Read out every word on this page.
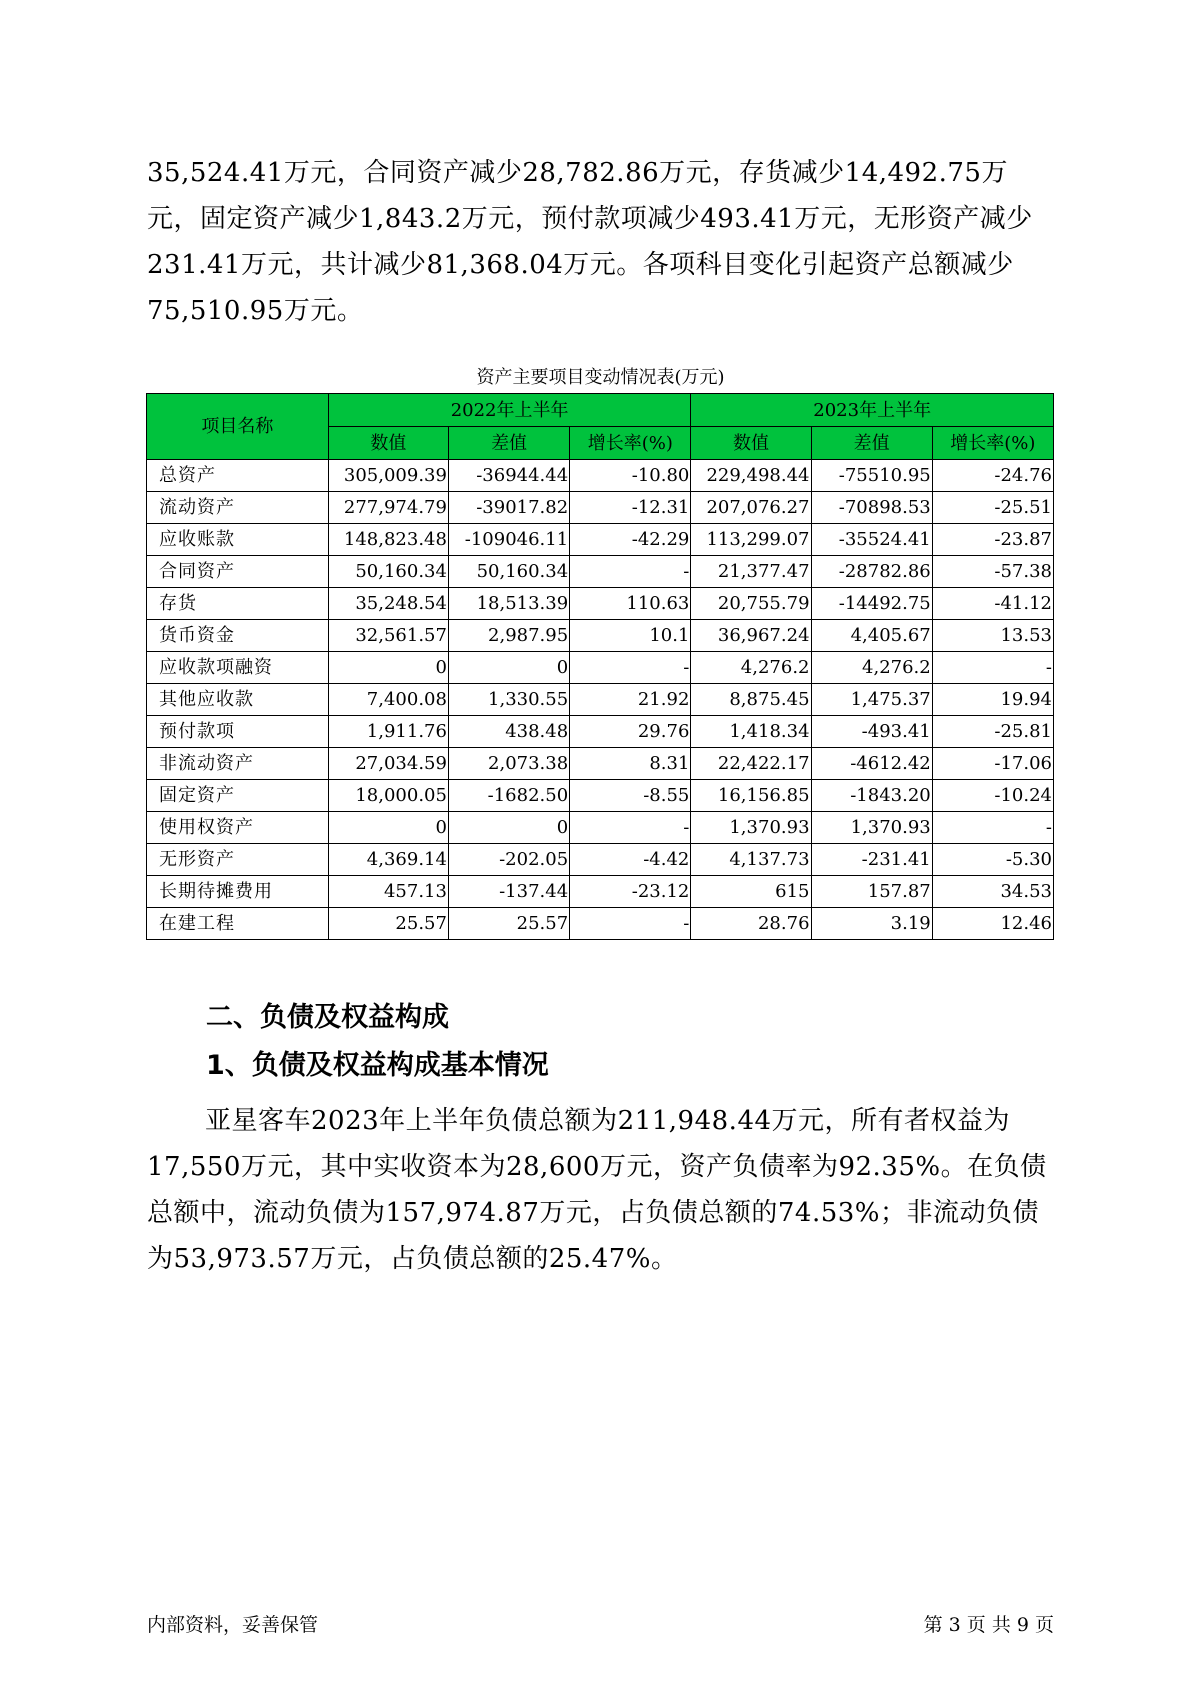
35,524.41万元，合同资产减少28,782.86万元，存货减少14,492.75万元，固定资产减少1,843.2万元，预付款项减少493.41万元，无形资产减少231.41万元，共计减少81,368.04万元。各项科目变化引起资产总额减少75,510.95万元。

资产主要项目变动情况表(万元)
项目名称	2022年上半年			2023年上半年		
	数值	差值	增长率(%)	数值	差值	增长率(%)
总资产	305,009.39	-36944.44	-10.80	229,498.44	-75510.95	-24.76
流动资产	277,974.79	-39017.82	-12.31	207,076.27	-70898.53	-25.51
应收账款	148,823.48	-109046.11	-42.29	113,299.07	-35524.41	-23.87
合同资产	50,160.34	50,160.34	-	21,377.47	-28782.86	-57.38
存货	35,248.54	18,513.39	110.63	20,755.79	-14492.75	-41.12
货币资金	32,561.57	2,987.95	10.1	36,967.24	4,405.67	13.53
应收款项融资	0	0	-	4,276.2	4,276.2	-
其他应收款	7,400.08	1,330.55	21.92	8,875.45	1,475.37	19.94
预付款项	1,911.76	438.48	29.76	1,418.34	-493.41	-25.81
非流动资产	27,034.59	2,073.38	8.31	22,422.17	-4612.42	-17.06
固定资产	18,000.05	-1682.50	-8.55	16,156.85	-1843.20	-10.24
使用权资产	0	0	-	1,370.93	1,370.93	-
无形资产	4,369.14	-202.05	-4.42	4,137.73	-231.41	-5.30
长期待摊费用	457.13	-137.44	-23.12	615	157.87	34.53
在建工程	25.57	25.57	-	28.76	3.19	12.46
二、负债及权益构成
1、负债及权益构成基本情况

亚星客车2023年上半年负债总额为211,948.44万元，所有者权益为17,550万元，其中实收资本为28,600万元，资产负债率为92.35%。在负债总额中，流动负债为157,974.87万元，占负债总额的74.53%；非流动负债为53,973.57万元，占负债总额的25.47%。

内部资料，妥善保管	第 3 页 共 9 页
